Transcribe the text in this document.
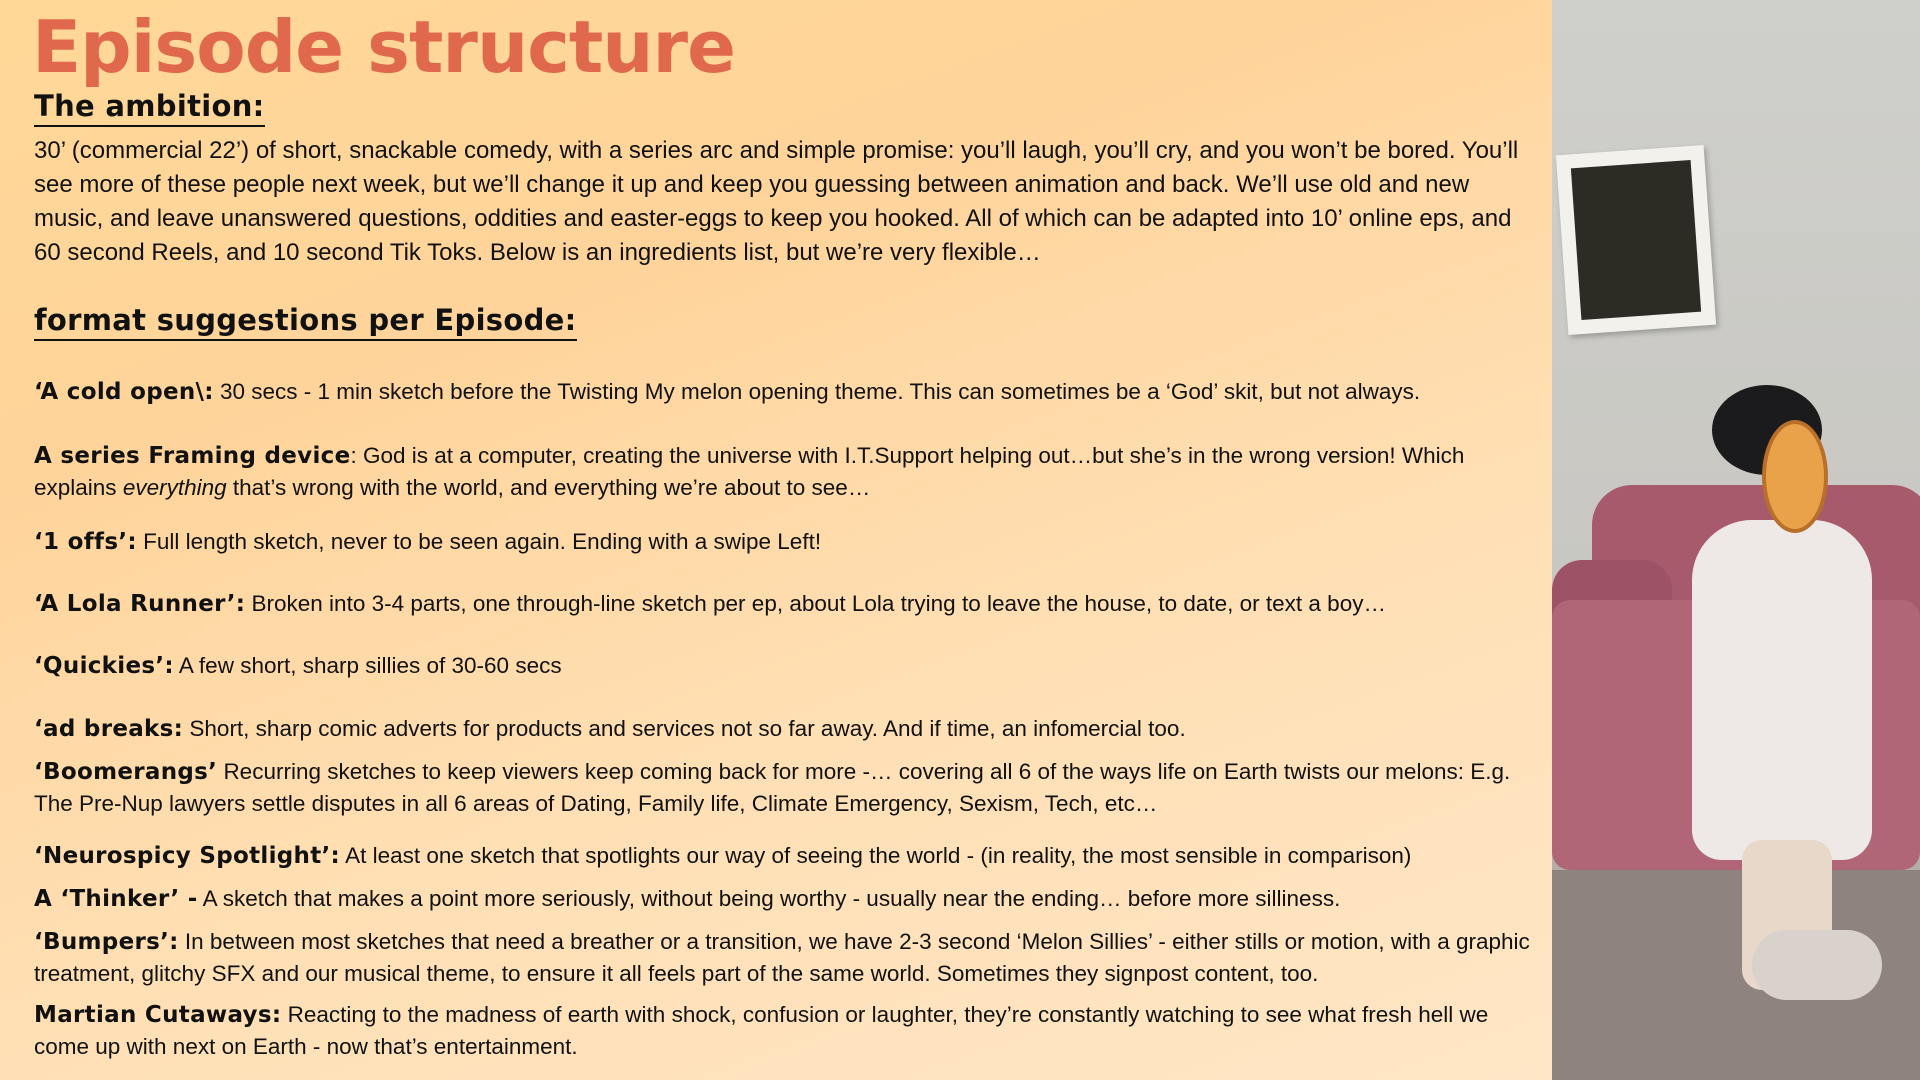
Episode structure
The ambition:

30’ (commercial 22’) of short, snackable comedy, with a series arc and simple promise: you’ll laugh, you’ll cry, and you won’t be bored. You’ll see more of these people next week, but we’ll change it up and keep you guessing between animation and back. We’ll use old and new music, and leave unanswered questions, oddities and easter-eggs to keep you hooked. All of which can be adapted into 10’ online eps, and 60 second Reels, and 10 second Tik Toks. Below is an ingredients list, but we’re very flexible…

format suggestions per Episode:
‘A cold open\: 30 secs - 1 min sketch before the Twisting My melon opening theme. This can sometimes be a ‘God’ skit, but not always.
A series Framing device: God is at a computer, creating the universe with I.T.Support helping out…but she’s in the wrong version! Which explains everything that’s wrong with the world, and everything we’re about to see…
‘1 offs’: Full length sketch, never to be seen again. Ending with a swipe Left!
‘A Lola Runner’: Broken into 3-4 parts, one through-line sketch per ep, about Lola trying to leave the house, to date, or text a boy…
‘Quickies’: A few short, sharp sillies of 30-60 secs
‘ad breaks: Short, sharp comic adverts for products and services not so far away. And if time, an infomercial too.
‘Boomerangs’ Recurring sketches to keep viewers keep coming back for more -… covering all 6 of the ways life on Earth twists our melons: E.g. The Pre-Nup lawyers settle disputes in all 6 areas of Dating, Family life, Climate Emergency, Sexism, Tech, etc…
‘Neurospicy Spotlight’: At least one sketch that spotlights our way of seeing the world - (in reality, the most sensible in comparison)
A ‘Thinker’ - A sketch that makes a point more seriously, without being worthy - usually near the ending… before more silliness.
‘Bumpers’: In between most sketches that need a breather or a transition, we have 2-3 second ‘Melon Sillies’ - either stills or motion, with a graphic treatment, glitchy SFX and our musical theme, to ensure it all feels part of the same world. Sometimes they signpost content, too.
Martian Cutaways: Reacting to the madness of earth with shock, confusion or laughter, they’re constantly watching to see what fresh hell we come up with next on Earth - now that’s entertainment.
